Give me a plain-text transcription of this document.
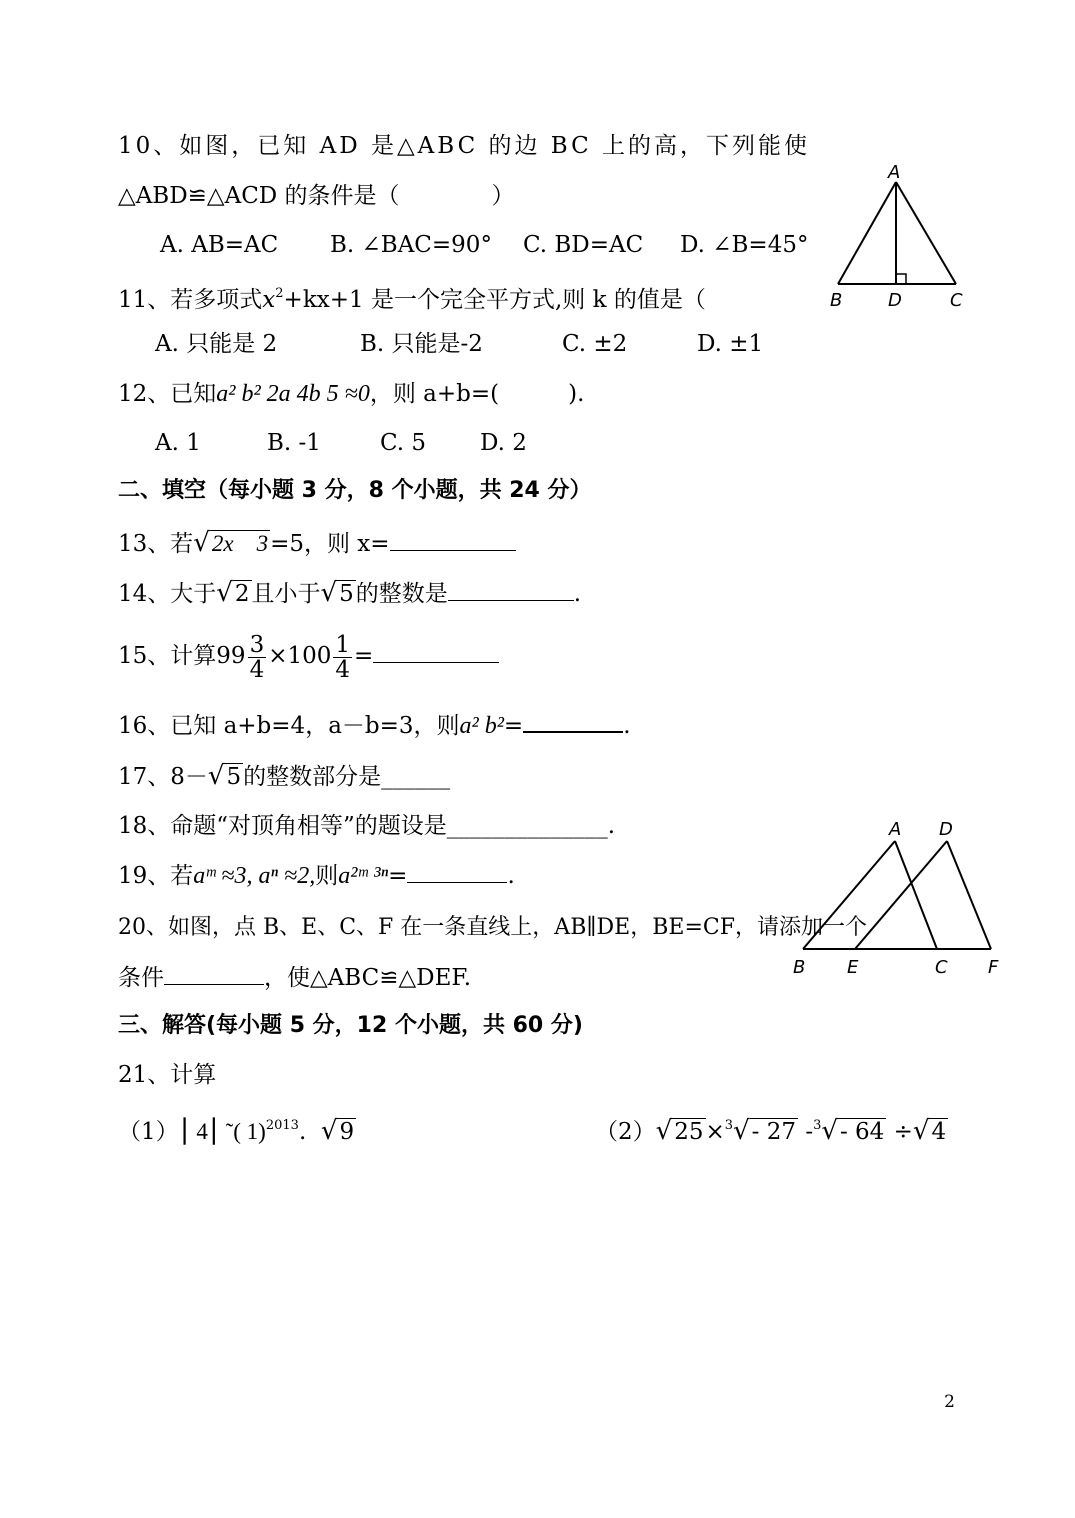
10、如图，已知 AD 是△ABC 的边 BC 上的高，下列能使
△ABD≌△ACD 的条件是（　　　　）
A. AB=AC B. ∠BAC=90° C. BD=AC D. ∠B=45°
A
B	D	C
11、若多项式$x^2+kx+1$ 是一个完全平方式,则 k 的值是（
A. 只能是 2	B. 只能是-2	C. ±2	D. ±1
12、已知a² b² 2a 4b 5 ≈0，则 a+b=(　　　).
A. 1	B. -1	C. 5 D. 2
二、填空（每小题 3 分，8 个小题，共 24 分）
13、若√2x　3=5，则 x=
14、大于√2且小于√5的整数是	.
15、计算$99 \frac{3}{4} \times 100 \frac{1}{4}$ =
16、已知 a+b=4，a－b=3，则a² b²=	.
17、8－√5的整数部分是______
18、命题“对顶角相等”的题设是______________.
19、若aᵐ ≈3, aⁿ ≈2,则a²ᵐ ³ⁿ=	.
A D
B E	C F
20、如图，点 B、E、C、F 在一条直线上，AB∥DE，BE=CF，请添加一个
条件	，使△ABC≌△DEF.
三、解答(每小题 5 分，12 个小题，共 60 分)
21、计算
（1）⎮ 4⎮ ˜( 1)$^{2013}$. √9	（2）√25×$^3$√- 27 -$^3$√- 64 ÷√4
2
